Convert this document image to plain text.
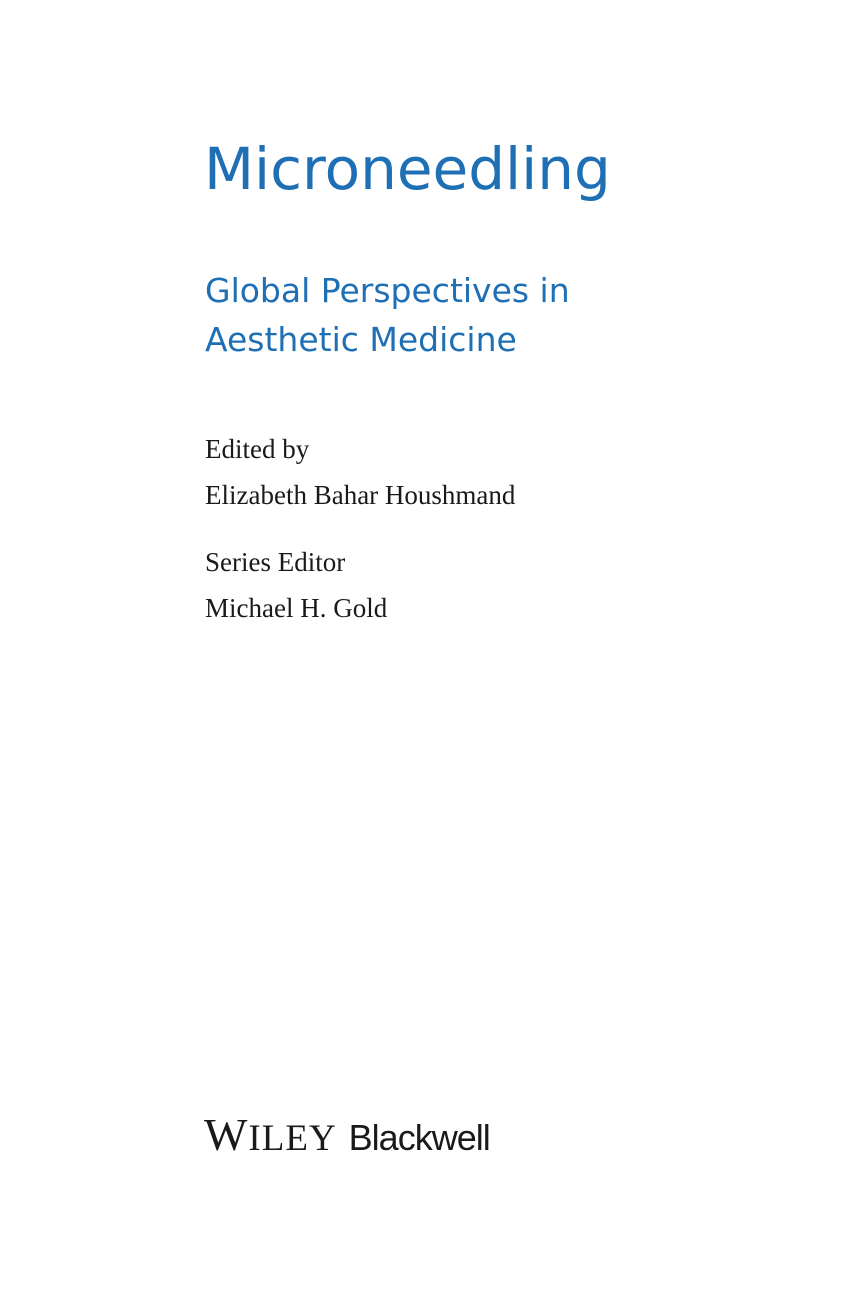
Microneedling
Global Perspectives in
Aesthetic Medicine

Edited by

Elizabeth Bahar Houshmand

Series Editor

Michael H. Gold

WILEY Blackwell
